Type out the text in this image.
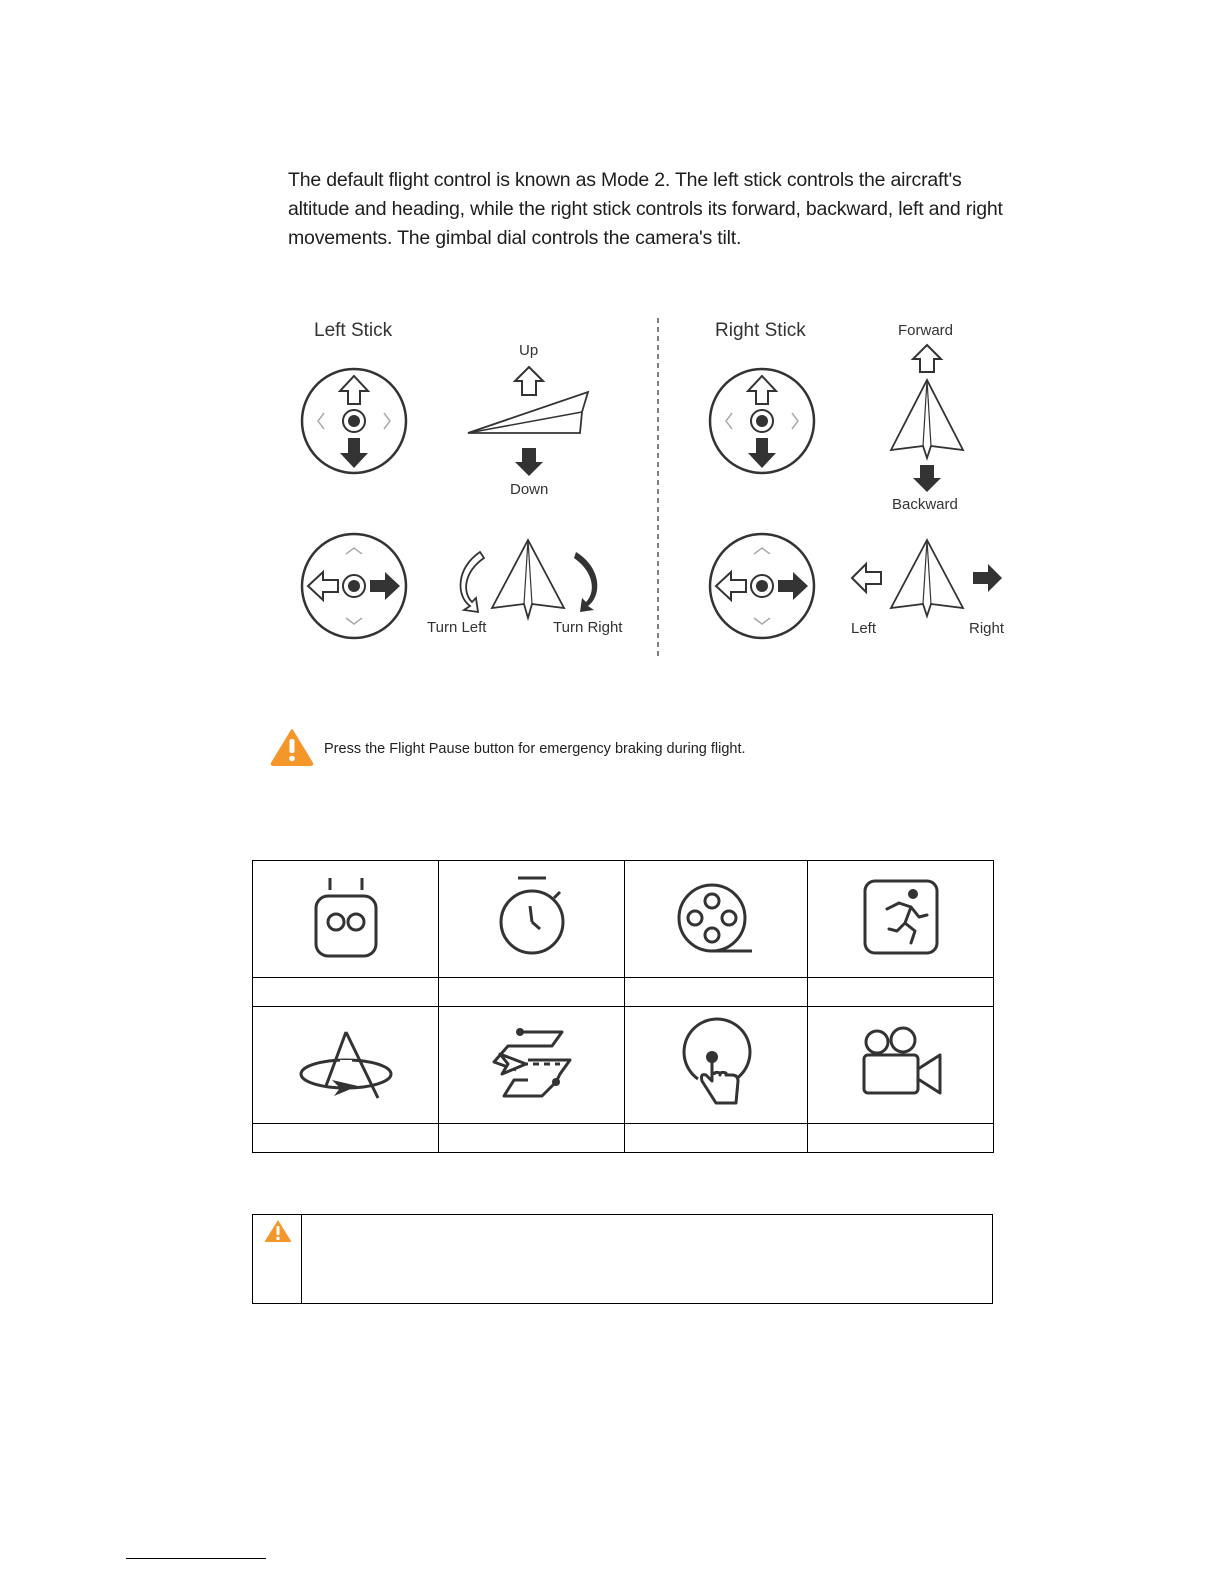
The default flight control is known as Mode 2. The left stick controls the aircraft's altitude and heading, while the right stick controls its forward, backward, left and right movements. The gimbal dial controls the camera's tilt.

Left Stick
Up
Down
Turn Left	Turn Right
Right Stick	Forward
Backward
Left	Right
Press the Flight Pause button for emergency braking during flight.
